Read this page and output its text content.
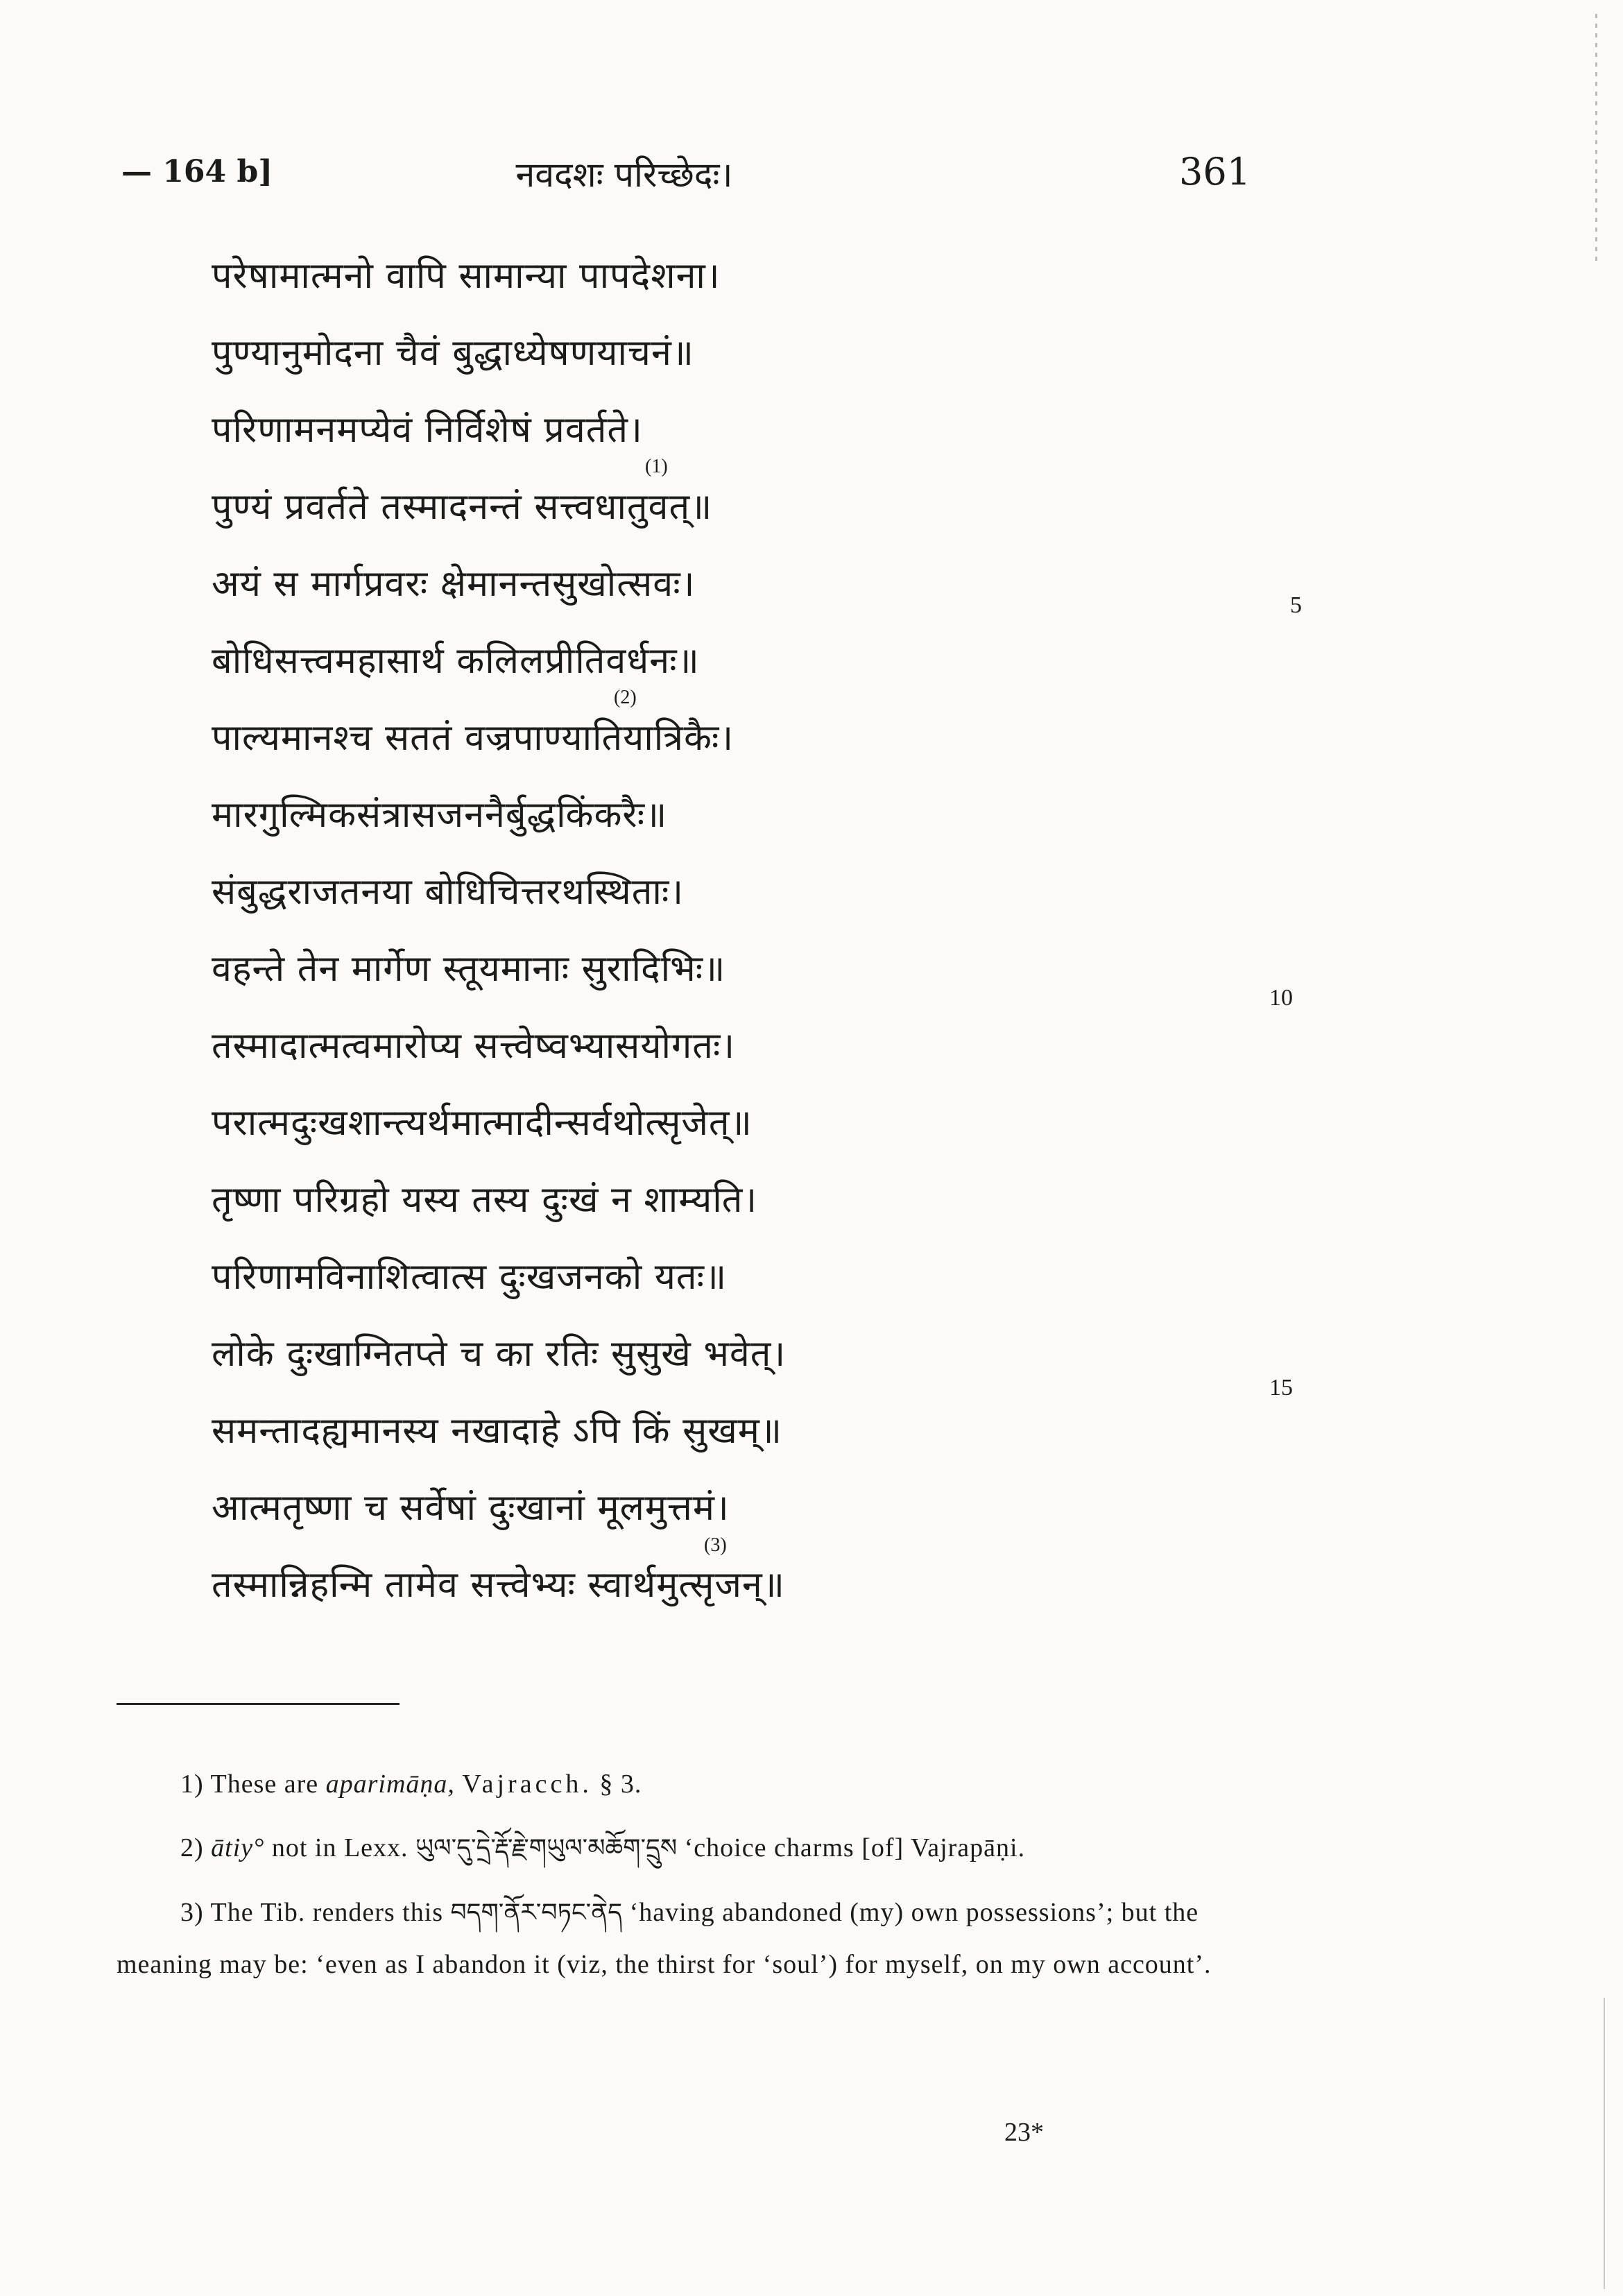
— 164 b]	नवदशः परिच्छेदः।	361
परेषामात्मनो वापि सामान्या पापदेशना।
पुण्यानुमोदना चैवं बुद्धाध्येषणयाचनं॥
परिणामनमप्येवं निर्विशेषं प्रवर्तते।
पुण्यं प्रवर्तते तस्मादनन्तं सत्त्वधातुवत्॥
अयं स मार्गप्रवरः क्षेमानन्तसुखोत्सवः।
बोधिसत्त्वमहासार्थ कलिलप्रीतिवर्धनः॥
पाल्यमानश्च सततं वज्रपाण्यातियात्रिकैः।
मारगुल्मिकसंत्रासजननैर्बुद्धकिंकरैः॥
संबुद्धराजतनया बोधिचित्तरथस्थिताः।
वहन्ते तेन मार्गेण स्तूयमानाः सुरादिभिः॥
तस्मादात्मत्वमारोप्य सत्त्वेष्वभ्यासयोगतः।
परात्मदुःखशान्त्यर्थमात्मादीन्सर्वथोत्सृजेत्॥
तृष्णा परिग्रहो यस्य तस्य दुःखं न शाम्यति।
परिणामविनाशित्वात्स दुःखजनको यतः॥
लोके दुःखाग्नितप्ते च का रतिः सुसुखे भवेत्।
समन्तादह्यमानस्य नखादाहे ऽपि किं सुखम्॥
आत्मतृष्णा च सर्वेषां दुःखानां मूलमुत्तमं।
तस्मान्निहन्मि तामेव सत्त्वेभ्यः स्वार्थमुत्सृजन्॥
(1)
(2)
(3)
5
10
15

1) These are aparimāṇa, Vajracch. § 3.

2) ātiy° not in Lexx. ཡུལ་དུ་དྲེ་རྡོ་རྗེ་གཡུལ་མཆོག་དྲུས ‘choice charms [of] Vajrapāṇi.

3) The Tib. renders this བདག་ནོར་བཏང་ནེད ‘having abandoned (my) own possessions’; but the meaning may be: ‘even as I abandon it (viz, the thirst for ‘soul’) for myself, on my own account’.

23*
